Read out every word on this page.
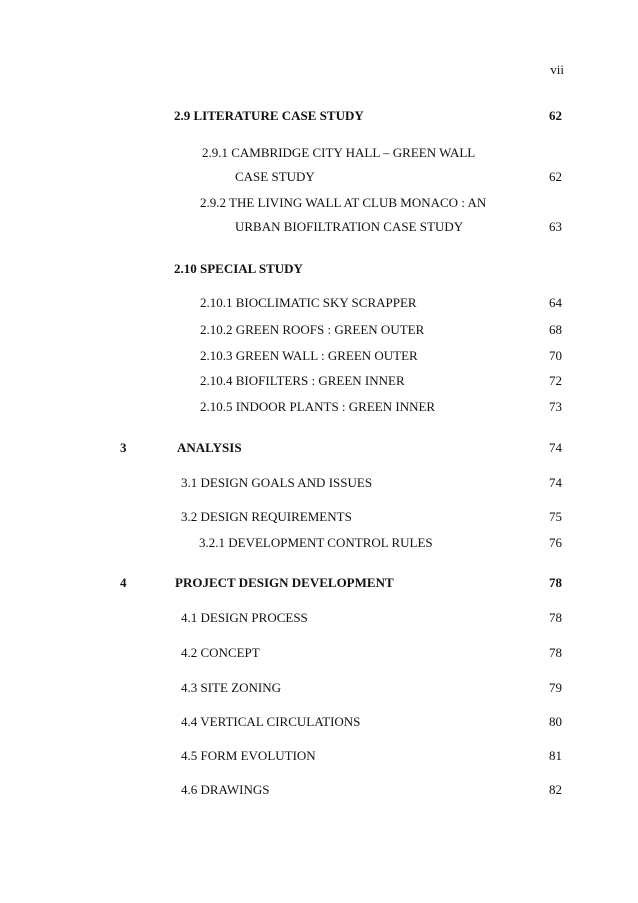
vii
2.9 LITERATURE CASE STUDY	62
2.9.1 CAMBRIDGE CITY HALL – GREEN WALL
CASE STUDY	62
2.9.2 THE LIVING WALL AT CLUB MONACO : AN
URBAN BIOFILTRATION CASE STUDY	63
2.10 SPECIAL STUDY
2.10.1 BIOCLIMATIC SKY SCRAPPER	64
2.10.2 GREEN ROOFS : GREEN OUTER	68
2.10.3 GREEN WALL : GREEN OUTER	70
2.10.4 BIOFILTERS : GREEN INNER	72
2.10.5 INDOOR PLANTS : GREEN INNER	73
3	ANALYSIS	74
3.1 DESIGN GOALS AND ISSUES	74
3.2 DESIGN REQUIREMENTS	75
3.2.1 DEVELOPMENT CONTROL RULES	76
4	PROJECT DESIGN DEVELOPMENT	78
4.1 DESIGN PROCESS	78
4.2 CONCEPT	78
4.3 SITE ZONING	79
4.4 VERTICAL CIRCULATIONS	80
4.5 FORM EVOLUTION	81
4.6 DRAWINGS	82
